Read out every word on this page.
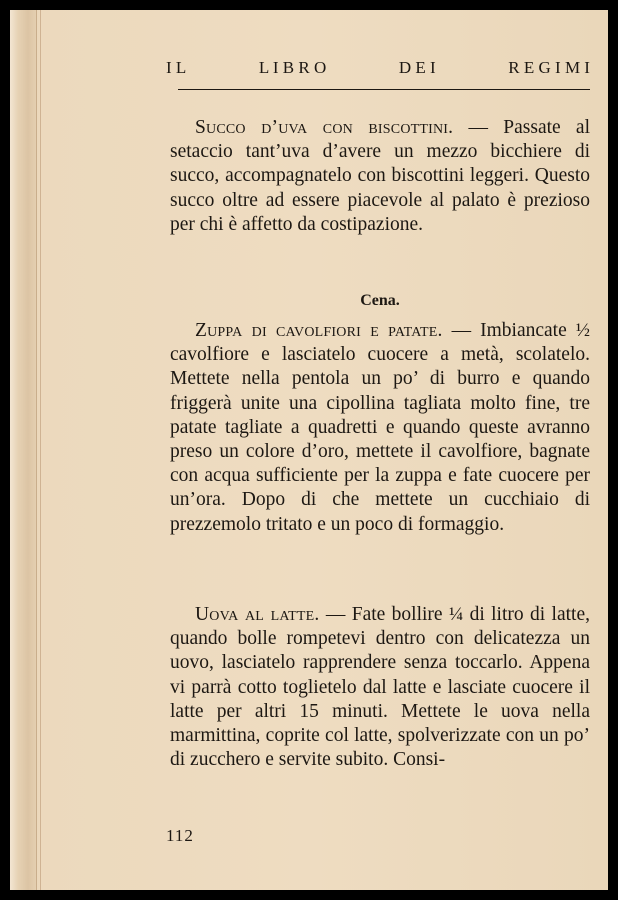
I L	L I B R O	D E I	R E G I M I

Succo d’uva con biscottini. — Passate al setaccio tant’uva d’avere un mezzo bicchiere di succo, accompagnatelo con biscottini leggeri. Questo succo oltre ad essere piacevole al palato è prezioso per chi è affetto da costipazione.

Cena.

Zuppa di cavolfiori e patate. — Imbiancate ½ cavolfiore e lasciatelo cuocere a metà, scolatelo. Mettete nella pentola un po’ di burro e quando friggerà unite una cipollina tagliata molto fine, tre patate tagliate a quadretti e quando queste avranno preso un colore d’oro, mettete il cavolfiore, bagnate con acqua sufficiente per la zuppa e fate cuocere per un’ora. Dopo di che mettete un cucchiaio di prezzemolo tritato e un poco di formaggio.

Uova al latte. — Fate bollire ¼ di litro di latte, quando bolle rompetevi dentro con delicatezza un uovo, lasciatelo rapprendere senza toccarlo. Appena vi parrà cotto toglietelo dal latte e lasciate cuocere il latte per altri 15 minuti. Mettete le uova nella marmittina, coprite col latte, spolverizzate con un po’ di zucchero e servite subito. Consi-

112
